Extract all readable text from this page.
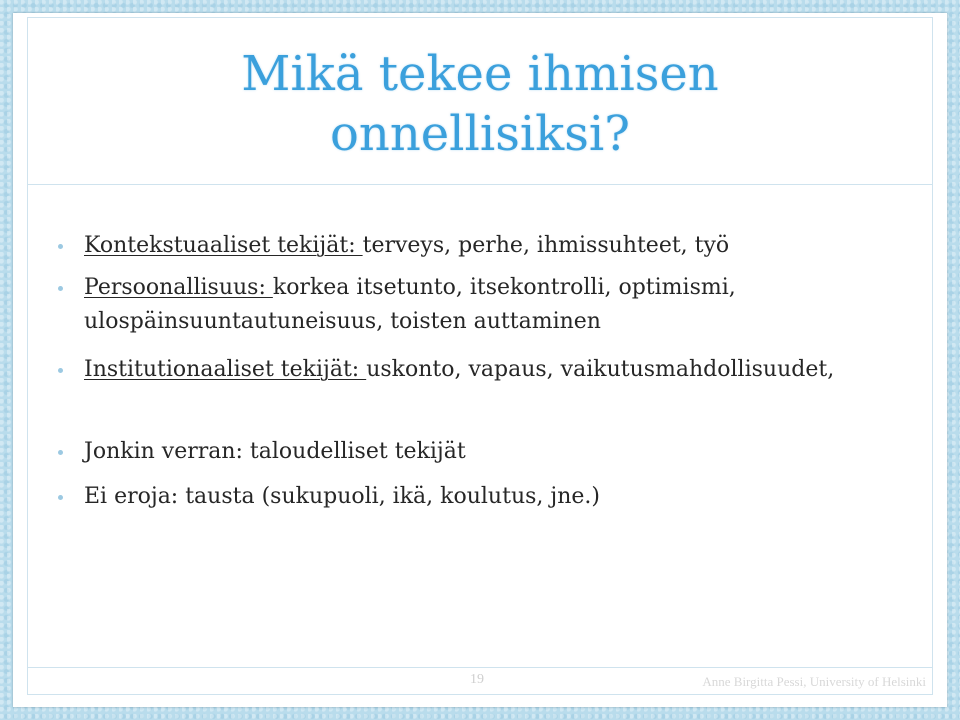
Mikä tekee ihmisen
onnellisiksi?
Kontekstuaaliset tekijät: terveys, perhe, ihmissuhteet, työ
Persoonallisuus: korkea itsetunto, itsekontrolli, optimismi,
ulospäinsuuntautuneisuus, toisten auttaminen
Institutionaaliset tekijät: uskonto, vapaus, vaikutusmahdollisuudet,
Jonkin verran: taloudelliset tekijät
Ei eroja: tausta (sukupuoli, ikä, koulutus, jne.)
19	Anne Birgitta Pessi, University of Helsinki
